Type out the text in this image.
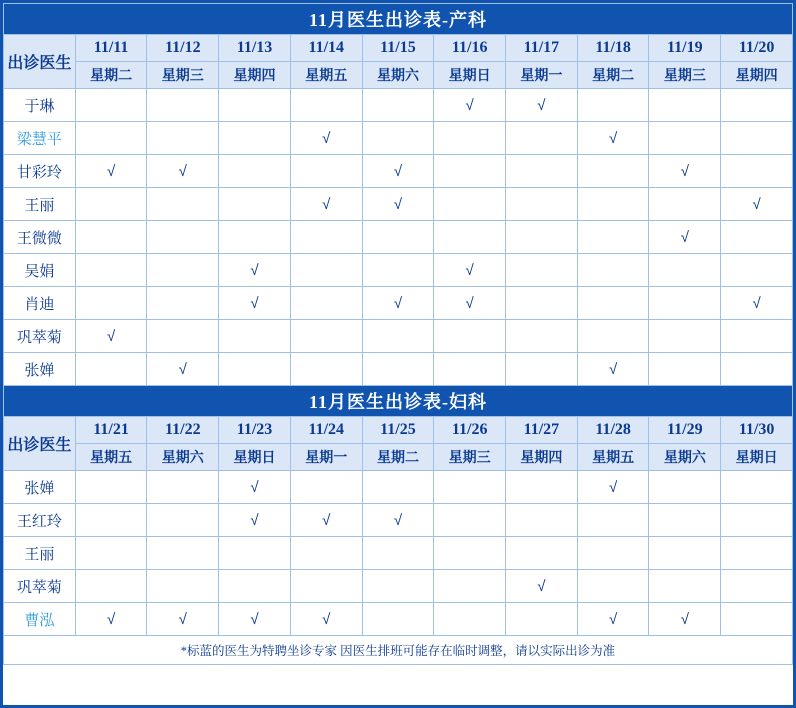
11月医生出诊表-产科										
出诊医生	11/11	11/12	11/13	11/14	11/15	11/16	11/17	11/18	11/19	11/20
	星期二	星期三	星期四	星期五	星期六	星期日	星期一	星期二	星期三	星期四
于琳						√	√			
梁慧平				√				√		
甘彩玲	√	√			√				√	
王丽				√	√					√
王微微									√	
吴娟			√			√				
肖迪			√		√	√				√
巩萃菊	√									
张婵		√						√		
11月医生出诊表-妇科										
出诊医生	11/21	11/22	11/23	11/24	11/25	11/26	11/27	11/28	11/29	11/30
	星期五	星期六	星期日	星期一	星期二	星期三	星期四	星期五	星期六	星期日
张婵			√					√		
王红玲			√	√	√					
王丽										
巩萃菊							√			
曹泓	√	√	√	√				√	√	
*标蓝的医生为特聘坐诊专家 因医生排班可能存在临时调整，请以实际出诊为准										
